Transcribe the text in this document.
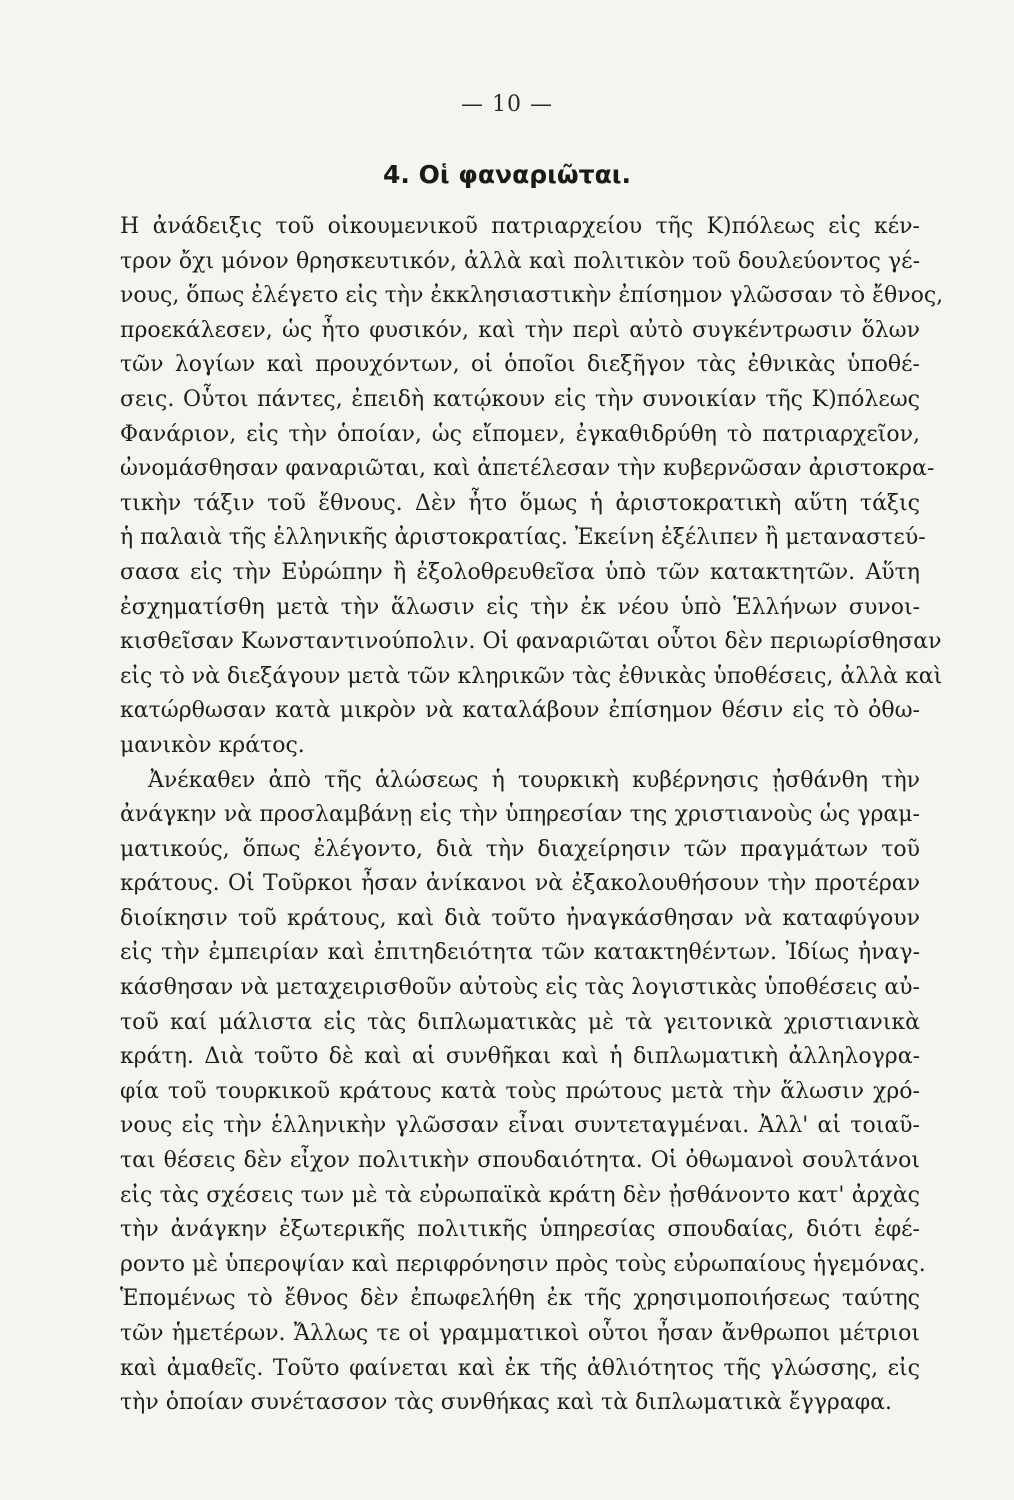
— 10 —
4. Οἱ φαναριῶται.
Η ἀνάδειξις τοῦ οἰκουμενικοῦ πατριαρχείου τῆς Κ)πόλεως εἰς κέν-
τρον ὄχι μόνον θρησκευτικόν, ἀλλὰ καὶ πολιτικὸν τοῦ δουλεύοντος γέ-
νους, ὅπως ἐλέγετο εἰς τὴν ἐκκλησιαστικὴν ἐπίσημον γλῶσσαν τὸ ἔθνος,
προεκάλεσεν, ὡς ἦτο φυσικόν, καὶ τὴν περὶ αὐτὸ συγκέντρωσιν ὅλων
τῶν λογίων καὶ προυχόντων, οἱ ὁποῖοι διεξῆγον τὰς ἐθνικὰς ὑποθέ-
σεις. Οὗτοι πάντες, ἐπειδὴ κατῴκουν εἰς τὴν συνοικίαν τῆς Κ)πόλεως
Φανάριον, εἰς τὴν ὁποίαν, ὡς εἴπομεν, ἐγκαθιδρύθη τὸ πατριαρχεῖον,
ὠνομάσθησαν φαναριῶται, καὶ ἀπετέλεσαν τὴν κυβερνῶσαν ἀριστοκρα-
τικὴν τάξιν τοῦ ἔθνους. Δὲν ἦτο ὅμως ἡ ἀριστοκρατικὴ αὕτη τάξις
ἡ παλαιὰ τῆς ἑλληνικῆς ἀριστοκρατίας. Ἐκείνη ἐξέλιπεν ἢ μεταναστεύ-
σασα εἰς τὴν Εὐρώπην ἢ ἐξολοθρευθεῖσα ὑπὸ τῶν κατακτητῶν. Αὕτη
ἐσχηματίσθη μετὰ τὴν ἅλωσιν εἰς τὴν ἐκ νέου ὑπὸ Ἑλλήνων συνοι-
κισθεῖσαν Κωνσταντινούπολιν. Οἱ φαναριῶται οὗτοι δὲν περιωρίσθησαν
εἰς τὸ νὰ διεξάγουν μετὰ τῶν κληρικῶν τὰς ἐθνικὰς ὑποθέσεις, ἀλλὰ καὶ
κατώρθωσαν κατὰ μικρὸν νὰ καταλάβουν ἐπίσημον θέσιν εἰς τὸ ὀθω-
μανικὸν κράτος.
Ἀνέκαθεν ἀπὸ τῆς ἁλώσεως ἡ τουρκικὴ κυβέρνησις ᾐσθάνθη τὴν
ἀνάγκην νὰ προσλαμβάνῃ εἰς τὴν ὑπηρεσίαν της χριστιανοὺς ὡς γραμ-
ματικούς, ὅπως ἐλέγοντο, διὰ τὴν διαχείρησιν τῶν πραγμάτων τοῦ
κράτους. Οἱ Τοῦρκοι ἦσαν ἀνίκανοι νὰ ἐξακολουθήσουν τὴν προτέραν
διοίκησιν τοῦ κράτους, καὶ διὰ τοῦτο ἠναγκάσθησαν νὰ καταφύγουν
εἰς τὴν ἐμπειρίαν καὶ ἐπιτηδειότητα τῶν κατακτηθέντων. Ἰδίως ἠναγ-
κάσθησαν νὰ μεταχειρισθοῦν αὐτοὺς εἰς τὰς λογιστικὰς ὑποθέσεις αὐ-
τοῦ καί μάλιστα εἰς τὰς διπλωματικὰς μὲ τὰ γειτονικὰ χριστιανικὰ
κράτη. Διὰ τοῦτο δὲ καὶ αἱ συνθῆκαι καὶ ἡ διπλωματικὴ ἀλληλογρα-
φία τοῦ τουρκικοῦ κράτους κατὰ τοὺς πρώτους μετὰ τὴν ἅλωσιν χρό-
νους εἰς τὴν ἑλληνικὴν γλῶσσαν εἶναι συντεταγμέναι. Ἀλλ' αἱ τοιαῦ-
ται θέσεις δὲν εἶχον πολιτικὴν σπουδαιότητα. Οἱ ὀθωμανοὶ σουλτάνοι
εἰς τὰς σχέσεις των μὲ τὰ εὐρωπαϊκὰ κράτη δὲν ᾐσθάνοντο κατ' ἀρχὰς
τὴν ἀνάγκην ἐξωτερικῆς πολιτικῆς ὑπηρεσίας σπουδαίας, διότι ἐφέ-
ροντο μὲ ὑπεροψίαν καὶ περιφρόνησιν πρὸς τοὺς εὐρωπαίους ἡγεμόνας.
Ἑπομένως τὸ ἔθνος δὲν ἐπωφελήθη ἐκ τῆς χρησιμοποιήσεως ταύτης
τῶν ἡμετέρων. Ἄλλως τε οἱ γραμματικοὶ οὗτοι ἦσαν ἄνθρωποι μέτριοι
καὶ ἀμαθεῖς. Τοῦτο φαίνεται καὶ ἐκ τῆς ἀθλιότητος τῆς γλώσσης, εἰς
τὴν ὁποίαν συνέτασσον τὰς συνθήκας καὶ τὰ διπλωματικὰ ἔγγραφα.
